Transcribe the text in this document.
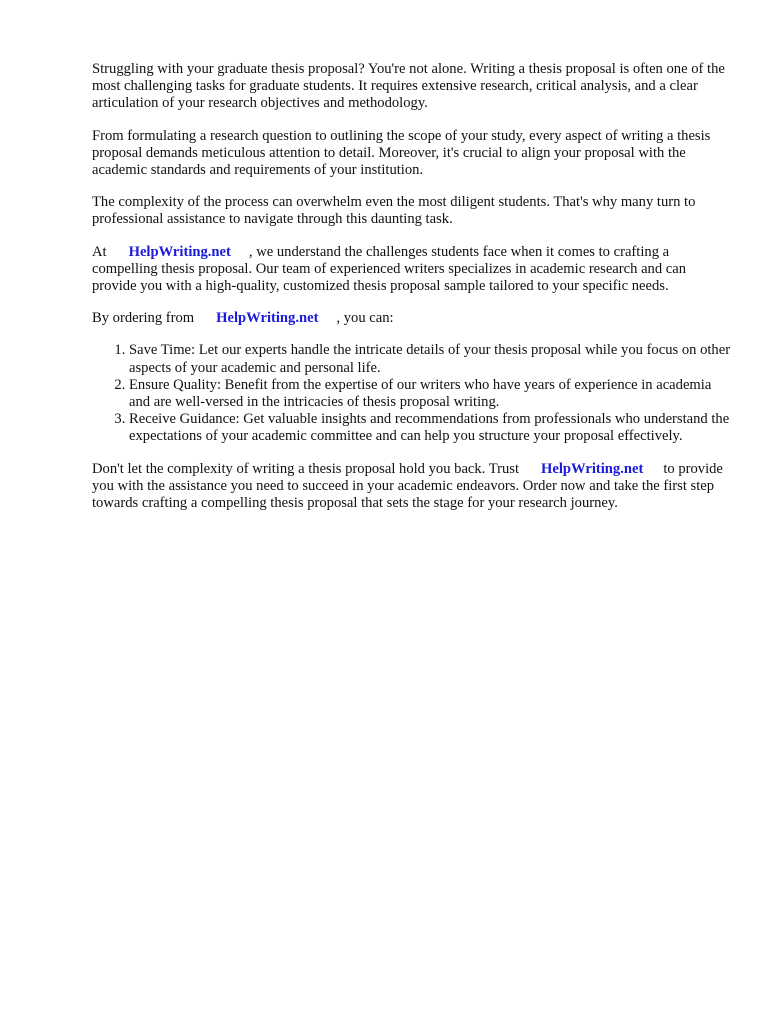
Struggling with your graduate thesis proposal? You're not alone. Writing a thesis proposal is often one of the most challenging tasks for graduate students. It requires extensive research, critical analysis, and a clear articulation of your research objectives and methodology.

From formulating a research question to outlining the scope of your study, every aspect of writing a thesis proposal demands meticulous attention to detail. Moreover, it's crucial to align your proposal with the academic standards and requirements of your institution.

The complexity of the process can overwhelm even the most diligent students. That's why many turn to professional assistance to navigate through this daunting task.

At HelpWriting.net , we understand the challenges students face when it comes to crafting a compelling thesis proposal. Our team of experienced writers specializes in academic research and can provide you with a high-quality, customized thesis proposal sample tailored to your specific needs.

By ordering from HelpWriting.net , you can:

1. Save Time: Let our experts handle the intricate details of your thesis proposal while you focus on other aspects of your academic and personal life.
2. Ensure Quality: Benefit from the expertise of our writers who have years of experience in academia and are well-versed in the intricacies of thesis proposal writing.
3. Receive Guidance: Get valuable insights and recommendations from professionals who understand the expectations of your academic committee and can help you structure your proposal effectively.

Don't let the complexity of writing a thesis proposal hold you back. Trust HelpWriting.net to provide you with the assistance you need to succeed in your academic endeavors. Order now and take the first step towards crafting a compelling thesis proposal that sets the stage for your research journey.
